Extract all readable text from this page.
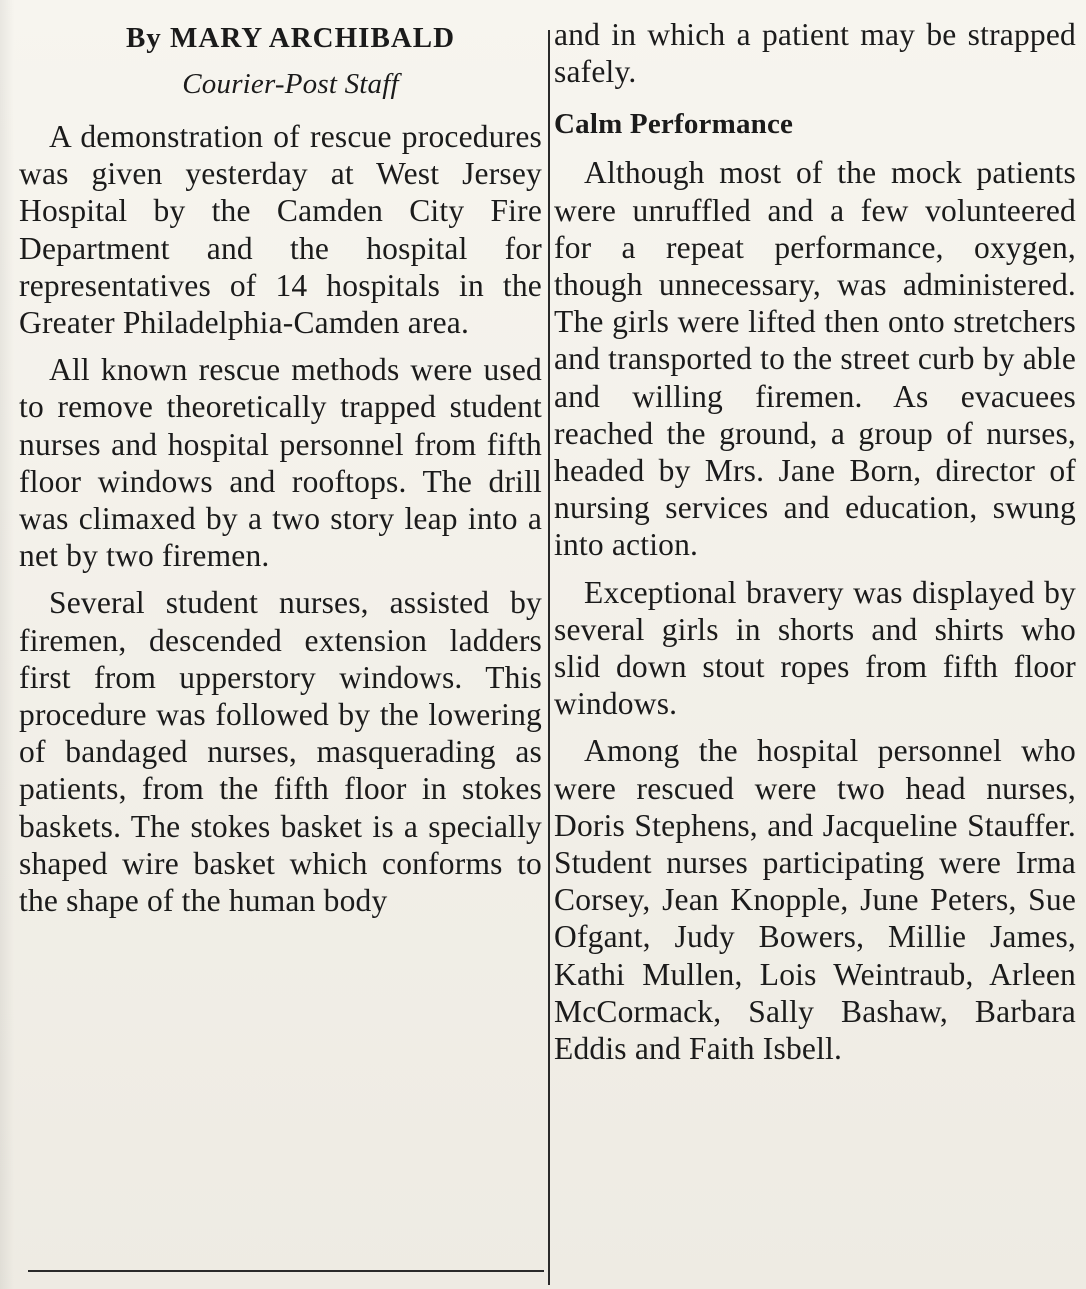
By MARY ARCHIBALD

Courier-Post Staff

A demonstration of rescue procedures was given yesterday at West Jersey Hospital by the Camden City Fire Department and the hospital for representatives of 14 hospitals in the Greater Philadelphia-Camden area.

All known rescue methods were used to remove theoretically trapped student nurses and hospital personnel from fifth floor windows and rooftops. The drill was climaxed by a two story leap into a net by two firemen.

Several student nurses, assisted by firemen, descended extension ladders first from upperstory windows. This procedure was followed by the lowering of bandaged nurses, masquerading as patients, from the fifth floor in stokes baskets. The stokes basket is a specially shaped wire basket which conforms to the shape of the human body

and in which a patient may be strapped safely.

Calm Performance

Although most of the mock patients were unruffled and a few volunteered for a repeat performance, oxygen, though unnecessary, was administered. The girls were lifted then onto stretchers and transported to the street curb by able and willing firemen. As evacuees reached the ground, a group of nurses, headed by Mrs. Jane Born, director of nursing services and education, swung into action.

Exceptional bravery was displayed by several girls in shorts and shirts who slid down stout ropes from fifth floor windows.

Among the hospital personnel who were rescued were two head nurses, Doris Stephens, and Jacqueline Stauffer. Student nurses participating were Irma Corsey, Jean Knopple, June Peters, Sue Ofgant, Judy Bowers, Millie James, Kathi Mullen, Lois Weintraub, Arleen McCormack, Sally Bashaw, Barbara Eddis and Faith Isbell.
